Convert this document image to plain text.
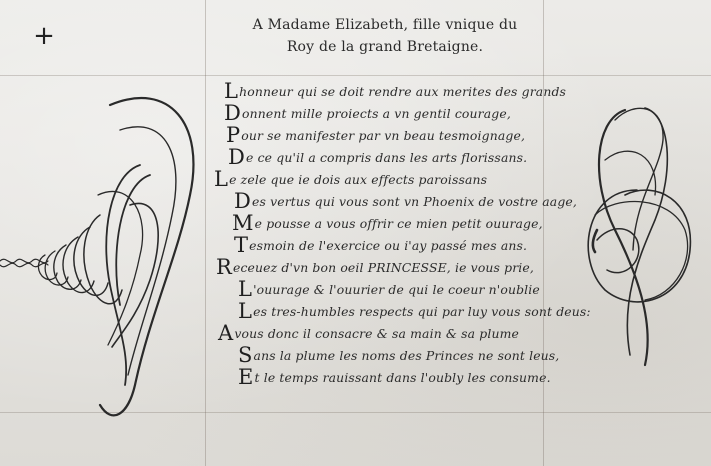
+	A Madame Elizabeth, fille vnique du
Roy de la grand Bretaigne.
Lhonneur qui se doit rendre aux merites des grands
Donnent mille proiects a vn gentil courage,
Pour se manifester par vn beau tesmoignage,
De ce qu'il a compris dans les arts florissans.
Le zele que ie dois aux effects paroissans
Des vertus qui vous sont vn Phoenix de vostre aage,
Me pousse a vous offrir ce mien petit ouurage,
Tesmoin de l'exercice ou i'ay passé mes ans.
Receuez d'vn bon oeil PRINCESSE, ie vous prie,
L'ouurage & l'ouurier de qui le coeur n'oublie
Les tres-humbles respects qui par luy vous sont deus:
Avous donc il consacre & sa main & sa plume
Sans la plume les noms des Princes ne sont leus,
Et le temps rauissant dans l'oubly les consume.
